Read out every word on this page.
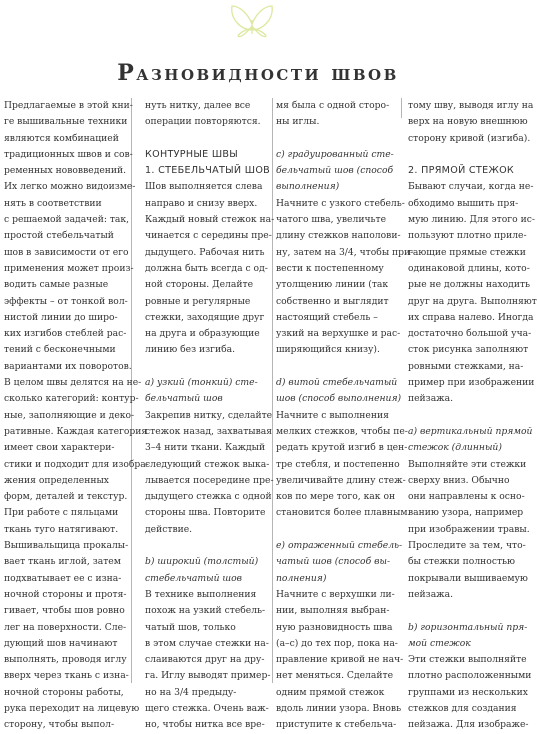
Разновидности швов

Предлагаемые в этой кни-

ге вышивальные техники

являются комбинацией

традиционных швов и сов-

ременных нововведений.

Их легко можно видоизме-

нять в соответствии

с решаемой задачей: так,

простой стебельчатый

шов в зависимости от его

применения может произ-

водить самые разные

эффекты – от тонкой вол-

нистой линии до широ-

ких изгибов стеблей рас-

тений с бесконечными

вариантами их поворотов.

В целом швы делятся на не-

сколько категорий: контур-

ные, заполняющие и деко-

ративные. Каждая категория

имеет свои характери-

стики и подходит для изобра-

жения определенных

форм, деталей и текстур.

При работе с пяльцами

ткань туго натягивают.

Вышивальщица прокалы-

вает ткань иглой, затем

подхватывает ее с изна-

ночной стороны и протя-

гивает, чтобы шов ровно

лег на поверхности. Сле-

дующий шов начинают

выполнять, проводя иглу

вверх через ткань с изна-

ночной стороны работы,

рука переходит на лицевую

сторону, чтобы выпол-

нуть нитку, далее все

операции повторяются.

КОНТУРНЫЕ ШВЫ

1. СТЕБЕЛЬЧАТЫЙ ШОВ

Шов выполняется слева

направо и снизу вверх.

Каждый новый стежок на-

чинается с середины пре-

дыдущего. Рабочая нить

должна быть всегда с од-

ной стороны. Делайте

ровные и регулярные

стежки, заходящие друг

на друга и образующие

линию без изгиба.

а) узкий (тонкий) сте-

бельчатый шов

Закрепив нитку, сделайте

стежок назад, захватывая

3–4 нити ткани. Каждый

следующий стежок выка-

лывается посередине пре-

дыдущего стежка с одной

стороны шва. Повторите

действие.

b) широкий (толстый)

стебельчатый шов

В технике выполнения

похож на узкий стебель-

чатый шов, только

в этом случае стежки на-

слаиваются друг на дру-

га. Иглу выводят пример-

но на 3/4 предыду-

щего стежка. Очень важ-

но, чтобы нитка все вре-

мя была с одной сторо-

ны иглы.

с) градуированный сте-

бельчатый шов (способ

выполнения)

Начните с узкого стебель-

чатого шва, увеличьте

длину стежков наполови-

ну, затем на 3/4, чтобы при-

вести к постепенному

утолщению линии (так

собственно и выглядит

настоящий стебель –

узкий на верхушке и рас-

ширяющийся книзу).

d) витой стебельчатый

шов (способ выполнения)

Начните с выполнения

мелких стежков, чтобы пе-

редать крутой изгиб в цен-

тре стебля, и постепенно

увеличивайте длину стеж-

ков по мере того, как он

становится более плавным.

е) отраженный стебель-

чатый шов (способ вы-

полнения)

Начните с верхушки ли-

нии, выполняя выбран-

ную разновидность шва

(а–с) до тех пор, пока на-

правление кривой не нач-

нет меняться. Сделайте

одним прямой стежок

вдоль линии узора. Вновь

приступите к стебельча-

тому шву, выводя иглу на

верх на новую внешнюю

сторону кривой (изгиба).

2. ПРЯМОЙ СТЕЖОК

Бывают случаи, когда не-

обходимо вышить пря-

мую линию. Для этого ис-

пользуют плотно приле-

гающие прямые стежки

одинаковой длины, кото-

рые не должны находить

друг на друга. Выполняют

их справа налево. Иногда

достаточно большой уча-

сток рисунка заполняют

ровными стежками, на-

пример при изображении

пейзажа.

а) вертикальный прямой

стежок (длинный)

Выполняйте эти стежки

сверху вниз. Обычно

они направлены к осно-

ванию узора, например

при изображении травы.

Проследите за тем, что-

бы стежки полностью

покрывали вышиваемую

пейзажа.

b) горизонтальный пря-

мой стежок

Эти стежки выполняйте

плотно расположенными

группами из нескольких

стежков для создания

пейзажа. Для изображе-
